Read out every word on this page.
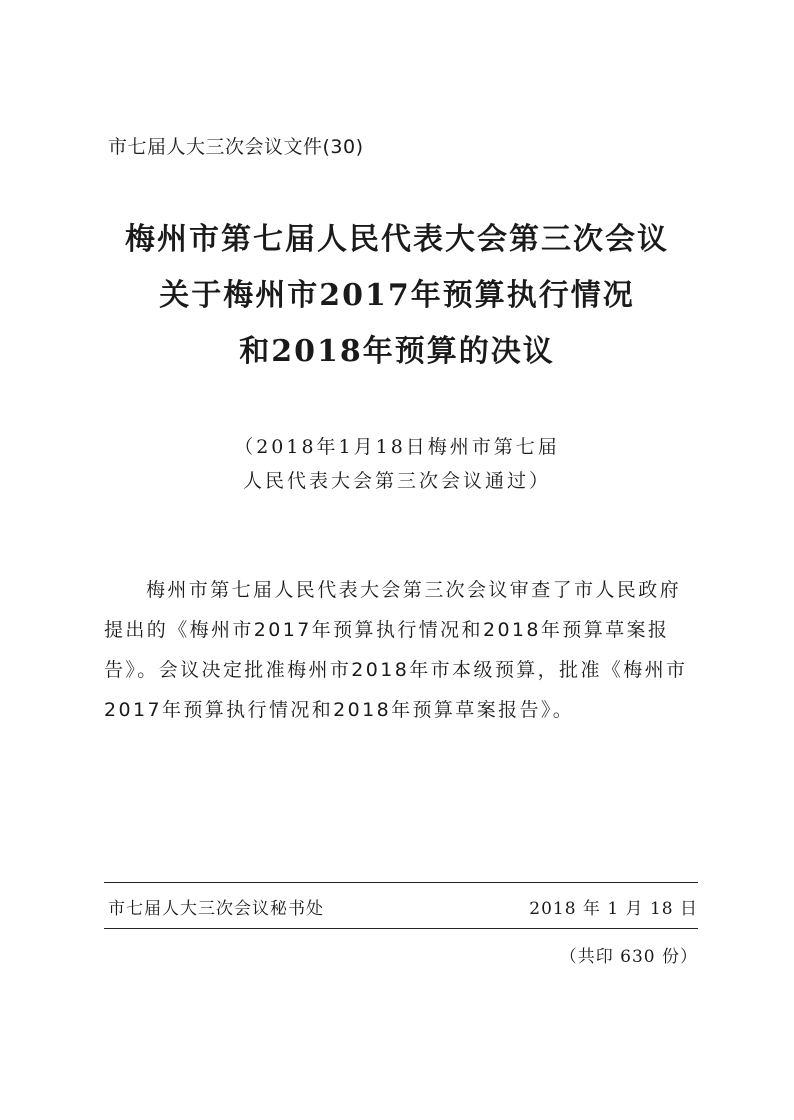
市七届人大三次会议文件(30)
梅州市第七届人民代表大会第三次会议
关于梅州市2017年预算执行情况
和2018年预算的决议
（2018年1月18日梅州市第七届
人民代表大会第三次会议通过）
梅州市第七届人民代表大会第三次会议审查了市人民政府
提出的《梅州市2017年预算执行情况和2018年预算草案报
告》。会议决定批准梅州市2018年市本级预算，批准《梅州市
2017年预算执行情况和2018年预算草案报告》。
市七届人大三次会议秘书处	2018 年 1 月 18 日
（共印 630 份）
